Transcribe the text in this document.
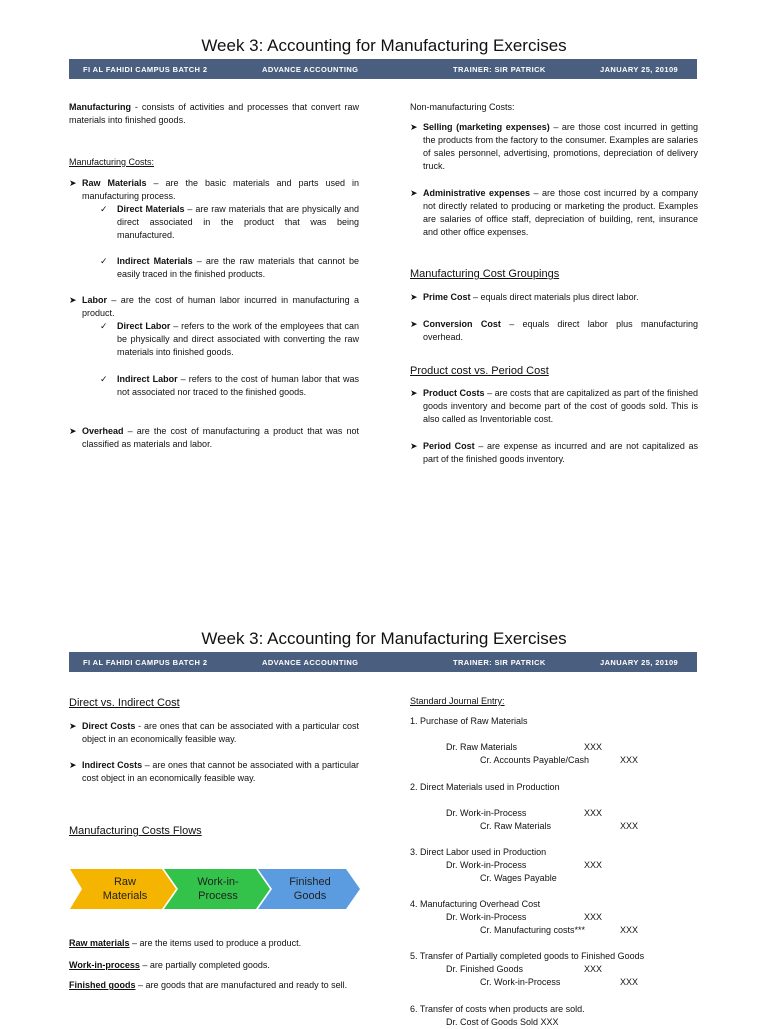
Week 3: Accounting for Manufacturing Exercises
FI AL FAHIDI CAMPUS BATCH 2	ADVANCE ACCOUNTING	TRAINER: SIR PATRICK	JANUARY 25, 20109

Manufacturing - consists of activities and processes that convert raw materials into finished goods.

Manufacturing Costs:
➤ Raw Materials – are the basic materials and parts used in manufacturing process.

✓	Direct Materials – are raw materials that are physically and direct associated in the product that was being manufactured.

✓	Indirect Materials – are the raw materials that cannot be easily traced in the finished products.

➤ Labor – are the cost of human labor incurred in manufacturing a product.

✓	Direct Labor – refers to the work of the employees that can be physically and direct associated with converting the raw materials into finished goods.

✓	Indirect Labor – refers to the cost of human labor that was not associated nor traced to the finished goods.

➤ Overhead – are the cost of manufacturing a product that was not classified as materials and labor.

Non-manufacturing Costs:
➤ Selling (marketing expenses) – are those cost incurred in getting the products from the factory to the consumer. Examples are salaries of sales personnel, advertising, promotions, depreciation of delivery truck.

➤ Administrative expenses – are those cost incurred by a company not directly related to producing or marketing the product. Examples are salaries of office staff, depreciation of building, rent, insurance and other office expenses.

Manufacturing Cost Groupings
➤ Prime Cost – equals direct materials plus direct labor.

➤ Conversion Cost – equals direct labor plus manufacturing overhead.

Product cost vs. Period Cost
➤ Product Costs – are costs that are capitalized as part of the finished goods inventory and become part of the cost of goods sold. This is also called as Inventoriable cost.

➤ Period Cost – are expense as incurred and are not capitalized as part of the finished goods inventory.

Week 3: Accounting for Manufacturing Exercises
FI AL FAHIDI CAMPUS BATCH 2	ADVANCE ACCOUNTING	TRAINER: SIR PATRICK	JANUARY 25, 20109
Direct vs. Indirect Cost
➤ Direct Costs - are ones that can be associated with a particular cost object in an economically feasible way.

➤ Indirect Costs – are ones that cannot be associated with a particular cost object in an economically feasible way.

Manufacturing Costs Flows
Raw
Materials
Work-in-
Process
Finished
Goods

Raw materials – are the items used to produce a product.

Work-in-process – are partially completed goods.

Finished goods – are goods that are manufactured and ready to sell.

Standard Journal Entry:
1. Purchase of Raw Materials
Dr. Raw Materials	XXX
Cr. Accounts Payable/Cash	XXX
2. Direct Materials used in Production
Dr. Work-in-Process	XXX
Cr. Raw Materials	XXX
3. Direct Labor used in Production
Dr. Work-in-Process	XXX
Cr. Wages Payable
4. Manufacturing Overhead Cost
Dr. Work-in-Process	XXX
Cr. Manufacturing costs***	XXX
5. Transfer of Partially completed goods to Finished Goods
Dr. Finished Goods	XXX
Cr. Work-in-Process	XXX
6. Transfer of costs when products are sold.
Dr. Cost of Goods Sold XXX
